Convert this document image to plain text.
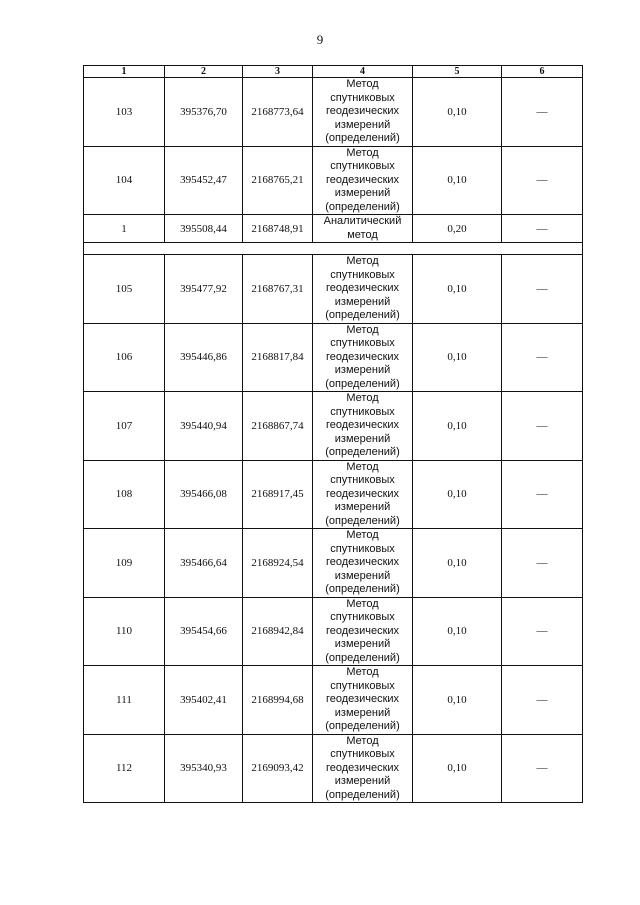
9
1	2	3	4	5	6
103	395376,70	2168773,64	Метод
спутниковых
геодезических
измерений
(определений)	0,10	—
104	395452,47	2168765,21	Метод
спутниковых
геодезических
измерений
(определений)	0,10	—
1	395508,44	2168748,91	Аналитический
метод	0,20	—

105	395477,92	2168767,31	Метод
спутниковых
геодезических
измерений
(определений)	0,10	—
106	395446,86	2168817,84	Метод
спутниковых
геодезических
измерений
(определений)	0,10	—
107	395440,94	2168867,74	Метод
спутниковых
геодезических
измерений
(определений)	0,10	—
108	395466,08	2168917,45	Метод
спутниковых
геодезических
измерений
(определений)	0,10	—
109	395466,64	2168924,54	Метод
спутниковых
геодезических
измерений
(определений)	0,10	—
110	395454,66	2168942,84	Метод
спутниковых
геодезических
измерений
(определений)	0,10	—
111	395402,41	2168994,68	Метод
спутниковых
геодезических
измерений
(определений)	0,10	—
112	395340,93	2169093,42	Метод
спутниковых
геодезических
измерений
(определений)	0,10	—
